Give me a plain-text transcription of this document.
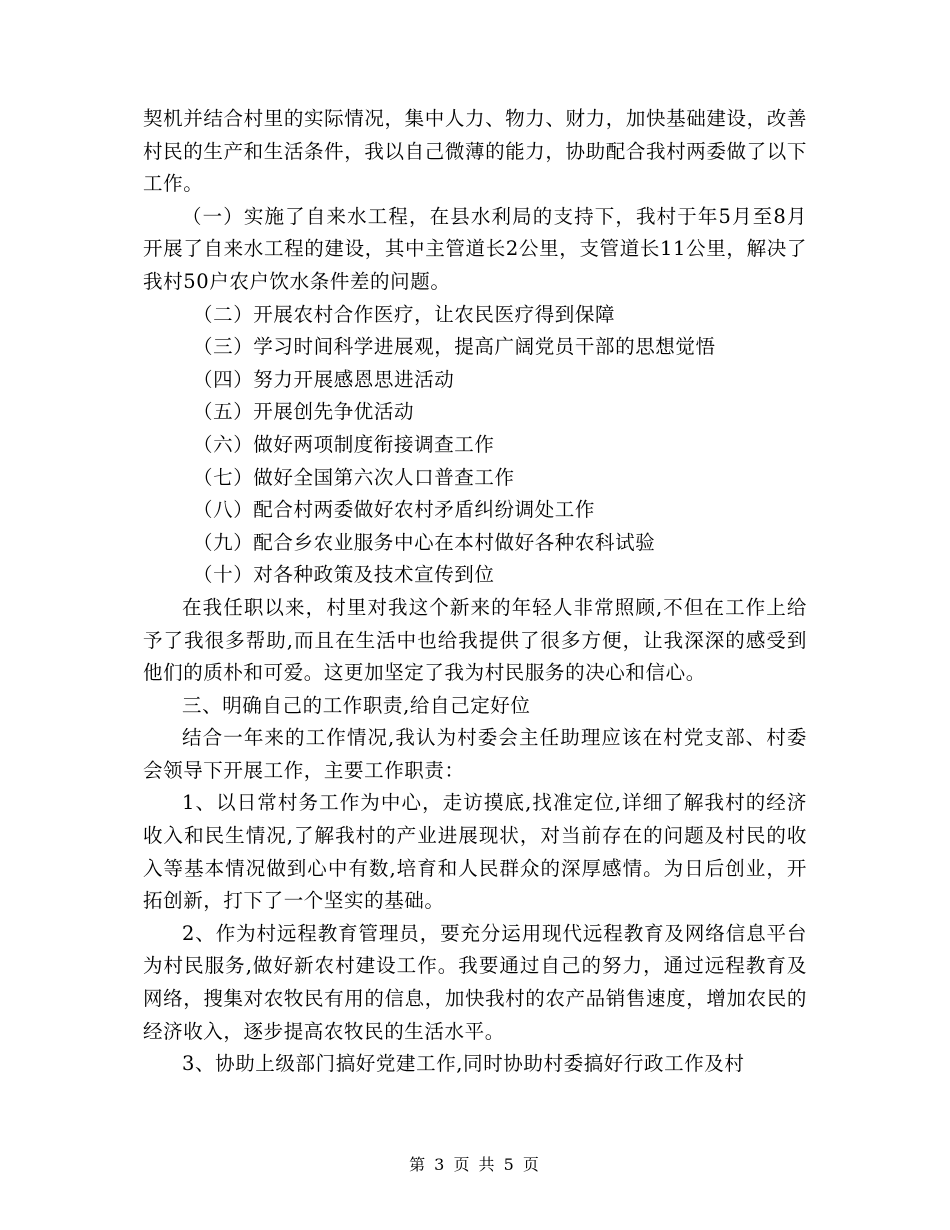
契机并结合村里的实际情况，集中人力、物力、财力，加快基础建设，改善村民的生产和生活条件，我以自己微薄的能力，协助配合我村两委做了以下工作。

（一）实施了自来水工程，在县水利局的支持下，我村于年5月至8月开展了自来水工程的建设，其中主管道长2公里，支管道长11公里，解决了我村50户农户饮水条件差的问题。

（二）开展农村合作医疗，让农民医疗得到保障

（三）学习时间科学进展观，提高广阔党员干部的思想觉悟

（四）努力开展感恩思进活动

（五）开展创先争优活动

（六）做好两项制度衔接调查工作

（七）做好全国第六次人口普查工作

（八）配合村两委做好农村矛盾纠纷调处工作

（九）配合乡农业服务中心在本村做好各种农科试验

（十）对各种政策及技术宣传到位

在我任职以来，村里对我这个新来的年轻人非常照顾,不但在工作上给予了我很多帮助,而且在生活中也给我提供了很多方便，让我深深的感受到他们的质朴和可爱。这更加坚定了我为村民服务的决心和信心。

三、明确自己的工作职责,给自己定好位

结合一年来的工作情况,我认为村委会主任助理应该在村党支部、村委会领导下开展工作，主要工作职责：

1、以日常村务工作为中心，走访摸底,找准定位,详细了解我村的经济收入和民生情况,了解我村的产业进展现状，对当前存在的问题及村民的收入等基本情况做到心中有数,培育和人民群众的深厚感情。为日后创业，开拓创新，打下了一个坚实的基础。

2、作为村远程教育管理员，要充分运用现代远程教育及网络信息平台为村民服务,做好新农村建设工作。我要通过自己的努力，通过远程教育及网络，搜集对农牧民有用的信息，加快我村的农产品销售速度，增加农民的经济收入，逐步提高农牧民的生活水平。

3、协助上级部门搞好党建工作,同时协助村委搞好行政工作及村

第 3 页 共 5 页
